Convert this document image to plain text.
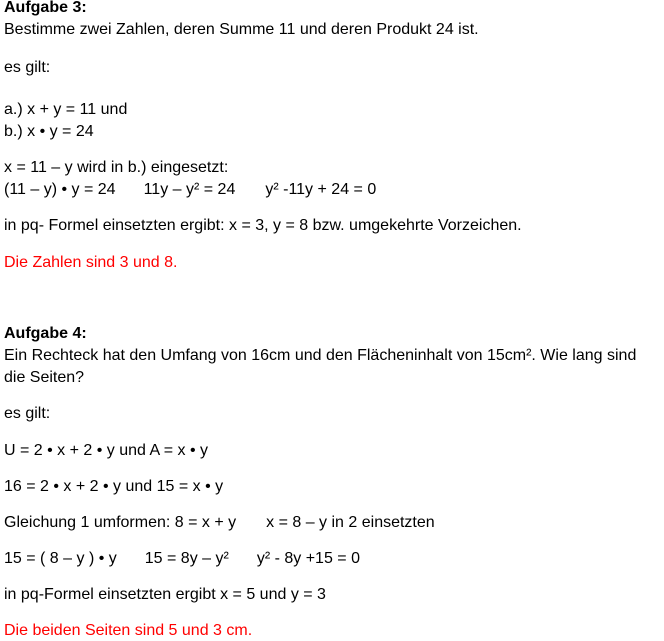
Aufgabe 3:
Bestimme zwei Zahlen, deren Summe 11 und deren Produkt 24 ist.
es gilt:
a.) x + y = 11 und
b.) x • y = 24
x = 11 – y wird in b.) eingesetzt:
(11 – y) • y = 24 11y – y² = 24 y² -11y + 24 = 0
in pq- Formel einsetzten ergibt: x = 3, y = 8 bzw. umgekehrte Vorzeichen.
Die Zahlen sind 3 und 8.
Aufgabe 4:
Ein Rechteck hat den Umfang von 16cm und den Flächeninhalt von 15cm². Wie lang sind
die Seiten?
es gilt:
U = 2 • x + 2 • y und A = x • y
16 = 2 • x + 2 • y und 15 = x • y
Gleichung 1 umformen: 8 = x + y x = 8 – y in 2 einsetzten
15 = ( 8 – y ) • y 15 = 8y – y² y² - 8y +15 = 0
in pq-Formel einsetzten ergibt x = 5 und y = 3
Die beiden Seiten sind 5 und 3 cm.
